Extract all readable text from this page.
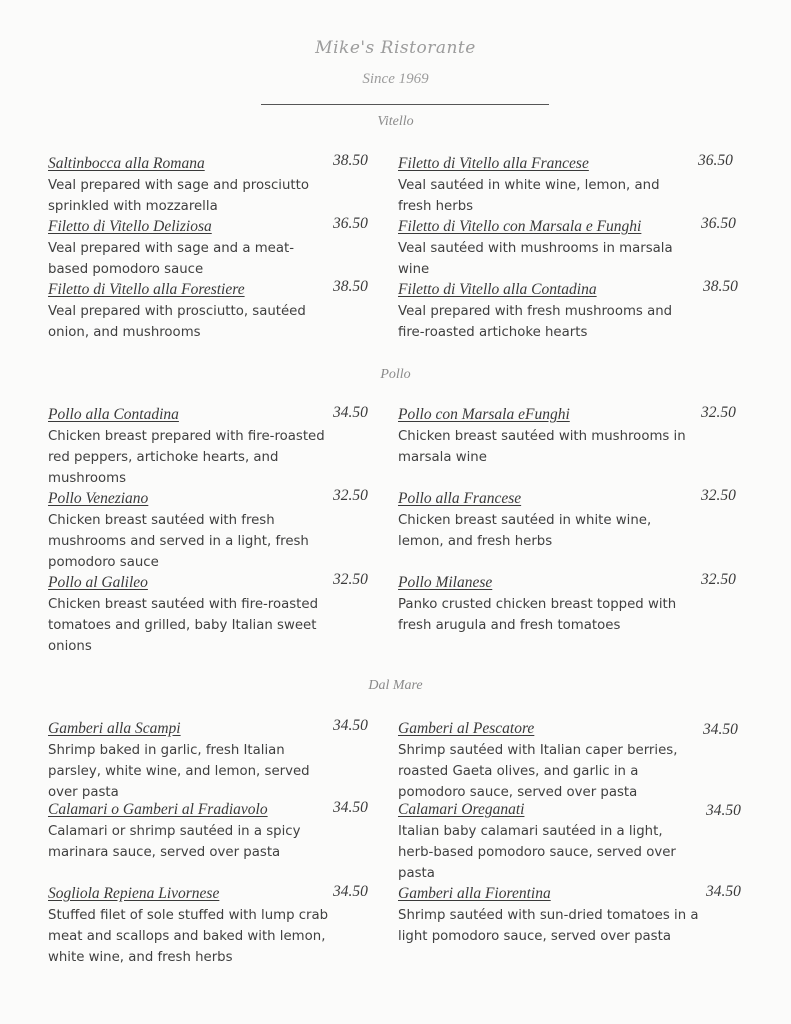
Mike's Ristorante
Since 1969
Vitello
Saltinbocca alla Romana
Veal prepared with sage and prosciutto sprinkled with mozzarella
38.50 Filetto di Vitello alla Francese
Veal sautéed in white wine, lemon, and fresh herbs
36.50
Filetto di Vitello Deliziosa
Veal prepared with sage and a meat-based pomodoro sauce
36.50 Filetto di Vitello con Marsala e Funghi
Veal sautéed with mushrooms in marsala wine
36.50
Filetto di Vitello alla Forestiere
Veal prepared with prosciutto, sautéed onion, and mushrooms
38.50 Filetto di Vitello alla Contadina
Veal prepared with fresh mushrooms and fire-roasted artichoke hearts
38.50
Pollo
Pollo alla Contadina
Chicken breast prepared with fire-roasted red peppers, artichoke hearts, and mushrooms
34.50 Pollo con Marsala eFunghi
Chicken breast sautéed with mushrooms in marsala wine
32.50
Pollo Veneziano
Chicken breast sautéed with fresh mushrooms and served in a light, fresh pomodoro sauce
32.50 Pollo alla Francese
Chicken breast sautéed in white wine, lemon, and fresh herbs
32.50
Pollo al Galileo
Chicken breast sautéed with fire-roasted tomatoes and grilled, baby Italian sweet onions
32.50 Pollo Milanese
Panko crusted chicken breast topped with fresh arugula and fresh tomatoes
32.50
Dal Mare
Gamberi alla Scampi
Shrimp baked in garlic, fresh Italian parsley, white wine, and lemon, served over pasta
34.50 Gamberi al Pescatore
Shrimp sautéed with Italian caper berries, roasted Gaeta olives, and garlic in a pomodoro sauce, served over pasta
34.50
Calamari o Gamberi al Fradiavolo
Calamari or shrimp sautéed in a spicy marinara sauce, served over pasta
34.50 Calamari Oreganati
Italian baby calamari sautéed in a light, herb-based pomodoro sauce, served over pasta
34.50
Sogliola Repiena Livornese
Stuffed filet of sole stuffed with lump crab meat and scallops and baked with lemon, white wine, and fresh herbs
34.50 Gamberi alla Fiorentina
Shrimp sautéed with sun-dried tomatoes in a light pomodoro sauce, served over pasta
34.50
